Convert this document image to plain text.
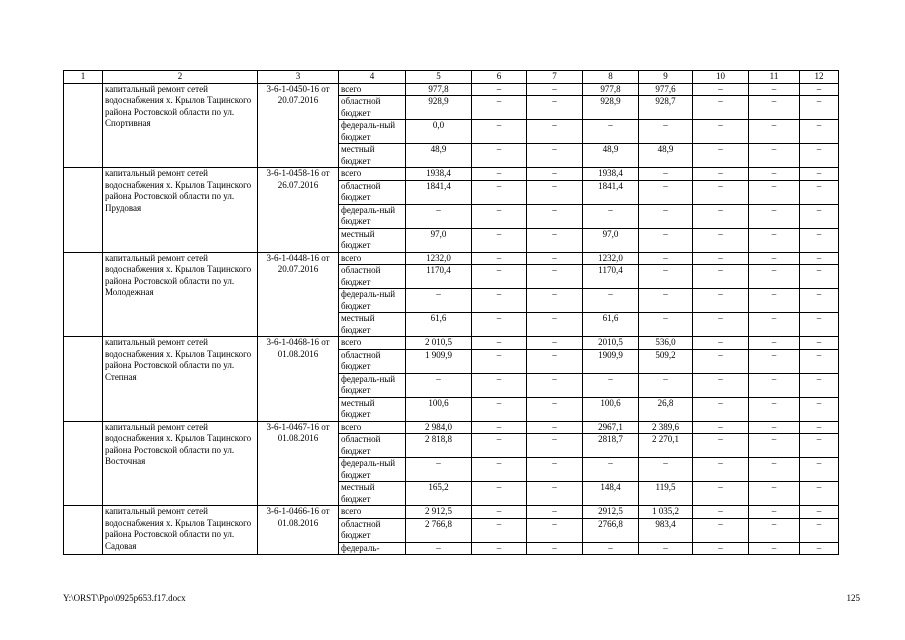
1	2	3	4	5	6	7	8	9	10	11	12
	капитальный ремонт сетей водоснабжения х. Крылов Тацинского района Ростовской области по ул. Спортивная	3-6-1-0450-16 от 20.07.2016	всего	977,8	–	–	977,8	977,6	–	–	–
			областной бюджет	928,9	–	–	928,9	928,7	–	–	–
			федераль-ный бюджет	0,0	–	–	–	–	–	–	–
			местный бюджет	48,9	–	–	48,9	48,9	–	–	–
	капитальный ремонт сетей водоснабжения х. Крылов Тацинского района Ростовской области по ул. Прудовая	3-6-1-0458-16 от 26.07.2016	всего	1938,4	–	–	1938,4	–	–	–	–
			областной бюджет	1841,4	–	–	1841,4	–	–	–	–
			федераль-ный бюджет	–	–	–	–	–	–	–	–
			местный бюджет	97,0	–	–	97,0	–	–	–	–
	капитальный ремонт сетей водоснабжения х. Крылов Тацинского района Ростовской области по ул. Молодежная	3-6-1-0448-16 от 20.07.2016	всего	1232,0	–	–	1232,0	–	–	–	–
			областной бюджет	1170,4	–	–	1170,4	–	–	–	–
			федераль-ный бюджет	–	–	–	–	–	–	–	–
			местный бюджет	61,6	–	–	61,6	–	–	–	–
	капитальный ремонт сетей водоснабжения х. Крылов Тацинского района Ростовской области по ул. Степная	3-6-1-0468-16 от 01.08.2016	всего	2 010,5	–	–	2010,5	536,0	–	–	–
			областной бюджет	1 909,9	–	–	1909,9	509,2	–	–	–
			федераль-ный бюджет	–	–	–	–	–	–	–	–
			местный бюджет	100,6	–	–	100,6	26,8	–	–	–
	капитальный ремонт сетей водоснабжения х. Крылов Тацинского района Ростовской области по ул. Восточная	3-6-1-0467-16 от 01.08.2016	всего	2 984,0	–	–	2967,1	2 389,6	–	–	–
			областной бюджет	2 818,8	–	–	2818,7	2 270,1	–	–	–
			федераль-ный бюджет	–	–	–	–	–	–	–	–
			местный бюджет	165,2	–	–	148,4	119,5	–	–	–
	капитальный ремонт сетей водоснабжения х. Крылов Тацинского района Ростовской области по ул. Садовая	3-6-1-0466-16 от 01.08.2016	всего	2 912,5	–	–	2912,5	1 035,2	–	–	–
			областной бюджет	2 766,8	–	–	2766,8	983,4	–	–	–
			федераль-	–	–	–	–	–	–	–	–
Y:\ORST\Ppo\0925p653.f17.docx	125
